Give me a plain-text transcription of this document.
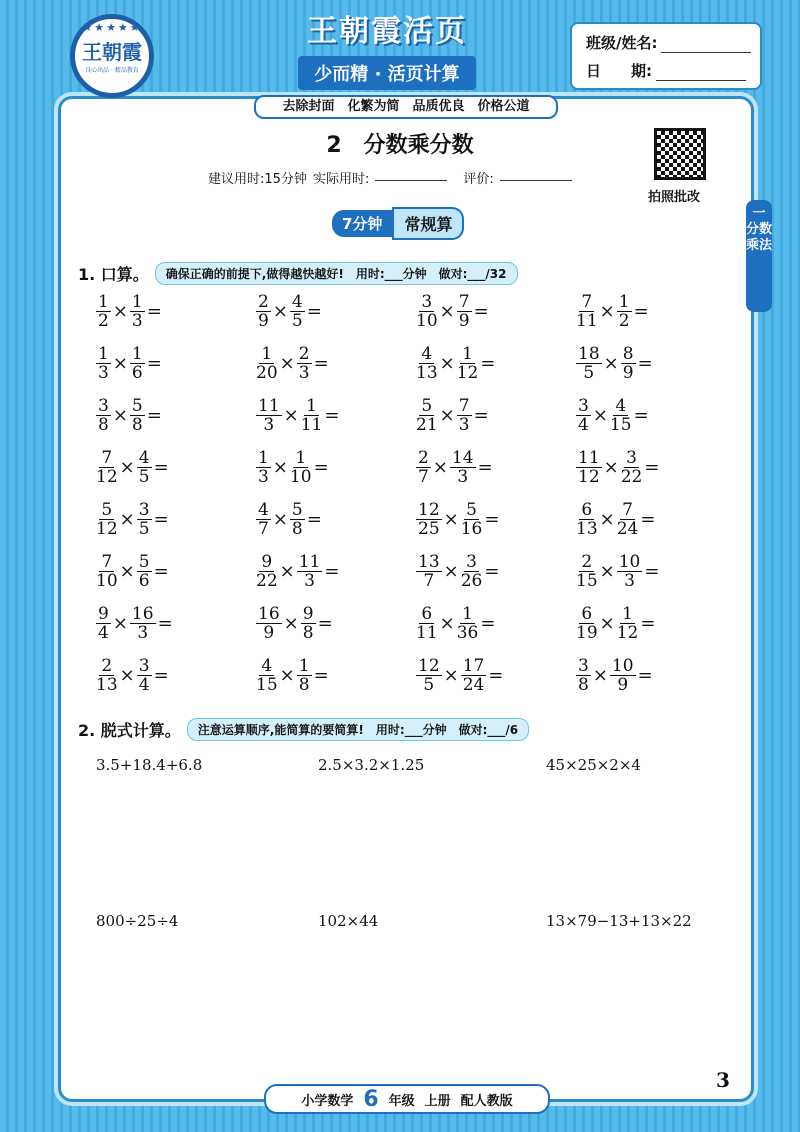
★★★★★
王朝霞
良心出品 · 精品教育
王朝霞活页
少而精 · 活页计算
班级/姓名:
日　　期:
去除封面　化繁为简　品质优良　价格公道
2　分数乘分数
建议用时:15分钟 实际用时:	评价:
拍照批改
7分钟	常规算
一 分数乘法
1. 口算。	确保正确的前提下,做得越快越好!　用时:___分钟　做对:___/32
$\frac{1}{2} \times \frac{1}{3}$ =	$\frac{2}{9} \times \frac{4}{5}$ =	$\frac{3}{10} \times \frac{7}{9}$ =	$\frac{7}{11} \times \frac{1}{2}$ =
$\frac{1}{3} \times \frac{1}{6}$ =	$\frac{1}{20} \times \frac{2}{3}$ =	$\frac{4}{13} \times \frac{1}{12}$ =	$\frac{18}{5} \times \frac{8}{9}$ =
$\frac{3}{8} \times \frac{5}{8}$ =	$\frac{11}{3} \times \frac{1}{11}$ =	$\frac{5}{21} \times \frac{7}{3}$ =	$\frac{3}{4} \times \frac{4}{15}$ =
$\frac{7}{12} \times \frac{4}{5}$ =	$\frac{1}{3} \times \frac{1}{10}$ =	$\frac{2}{7} \times \frac{14}{3}$ =	$\frac{11}{12} \times \frac{3}{22}$ =
$\frac{5}{12} \times \frac{3}{5}$ =	$\frac{4}{7} \times \frac{5}{8}$ =	$\frac{12}{25} \times \frac{5}{16}$ =	$\frac{6}{13} \times \frac{7}{24}$ =
$\frac{7}{10} \times \frac{5}{6}$ =	$\frac{9}{22} \times \frac{11}{3}$ =	$\frac{13}{7} \times \frac{3}{26}$ =	$\frac{2}{15} \times \frac{10}{3}$ =
$\frac{9}{4} \times \frac{16}{3}$ =	$\frac{16}{9} \times \frac{9}{8}$ =	$\frac{6}{11} \times \frac{1}{36}$ =	$\frac{6}{19} \times \frac{1}{12}$ =
$\frac{2}{13} \times \frac{3}{4}$ =	$\frac{4}{15} \times \frac{1}{8}$ =	$\frac{12}{5} \times \frac{17}{24}$ =	$\frac{3}{8} \times \frac{10}{9}$ =
2. 脱式计算。	注意运算顺序,能简算的要简算!　用时:___分钟　做对:___/6
3.5+18.4+6.8	2.5×3.2×1.25	45×25×2×4
800÷25÷4	102×44	13×79−13+13×22
3
小学数学 6 年级 上册 配人教版
